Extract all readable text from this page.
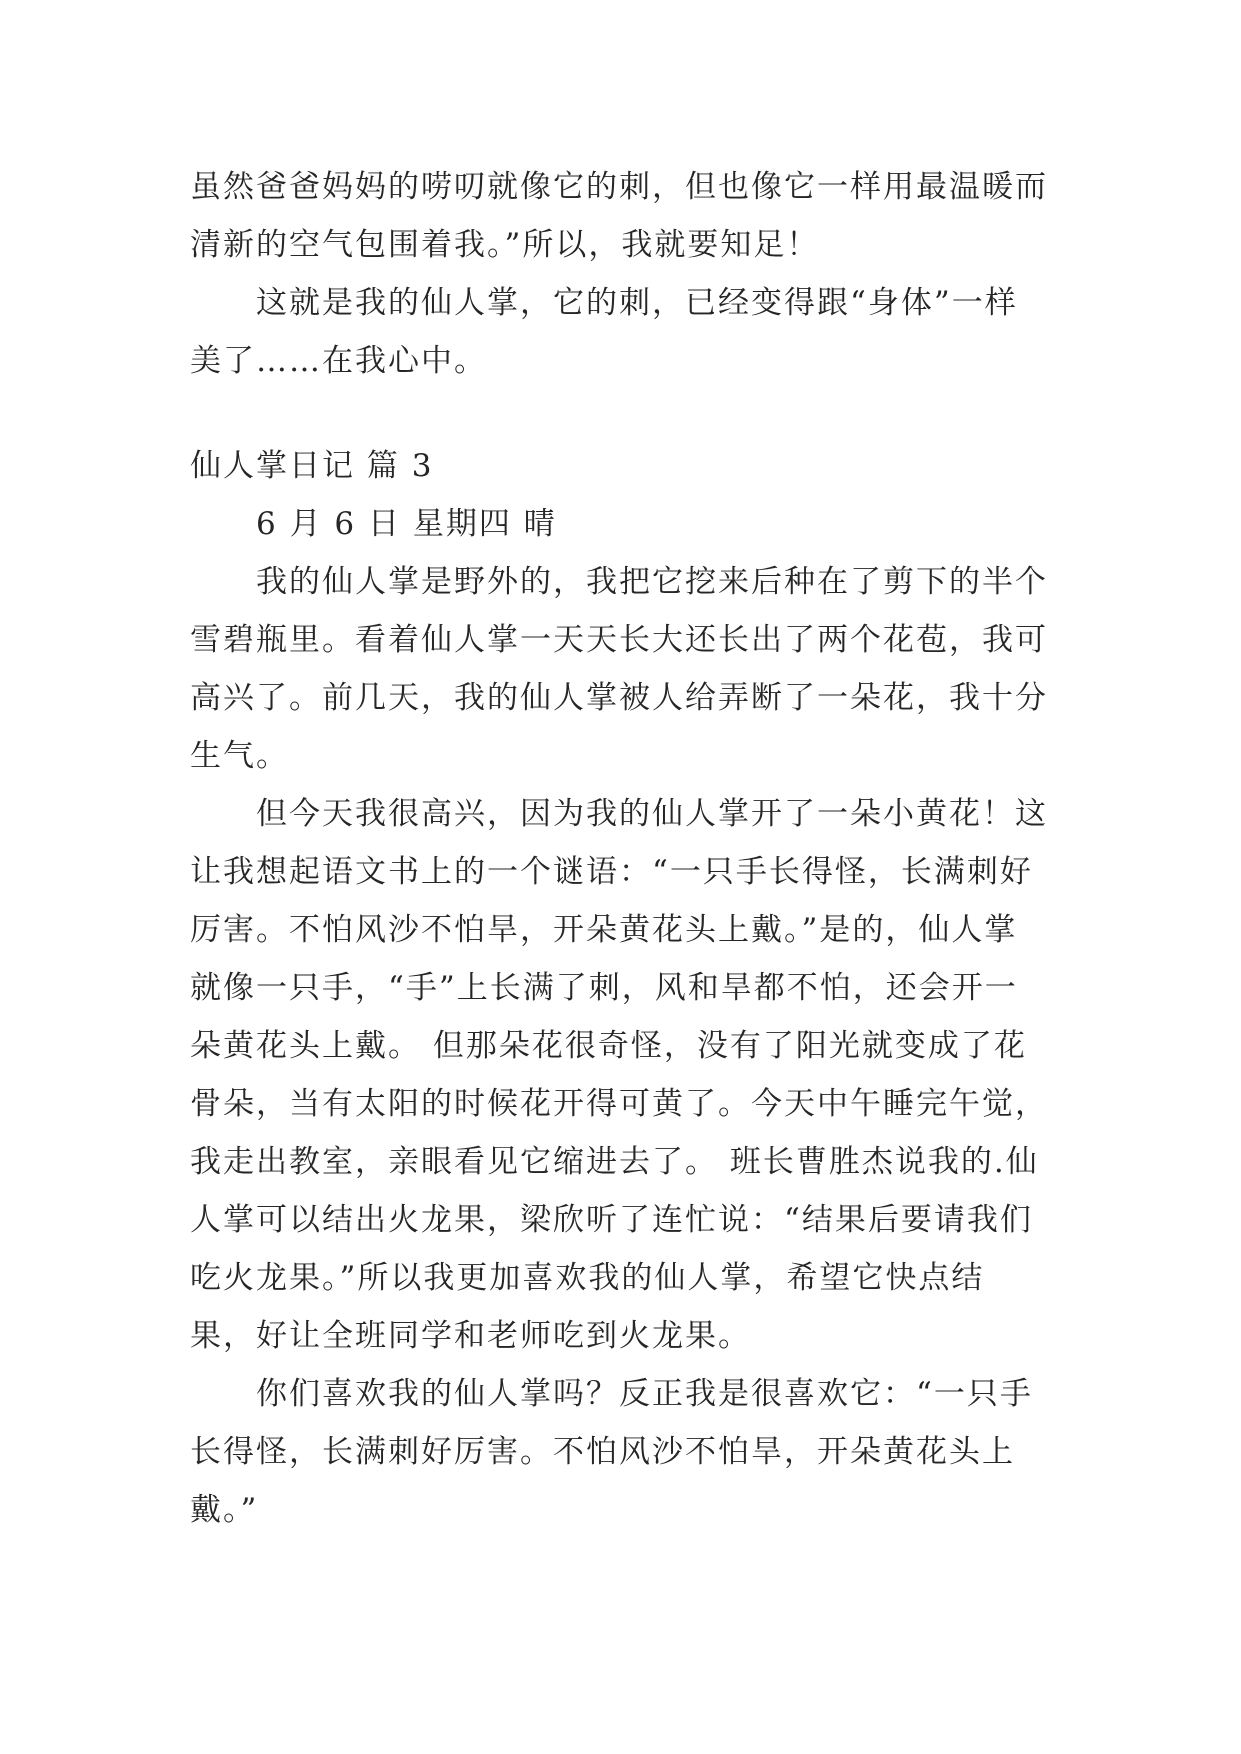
虽然爸爸妈妈的唠叨就像它的刺，但也像它一样用最温暖而清新的空气包围着我。”所以，我就要知足！

这就是我的仙人掌，它的刺，已经变得跟“身体”一样美了……在我心中。

仙人掌日记 篇 3

6 月 6 日 星期四 晴

我的仙人掌是野外的，我把它挖来后种在了剪下的半个雪碧瓶里。看着仙人掌一天天长大还长出了两个花苞，我可高兴了。前几天，我的仙人掌被人给弄断了一朵花，我十分生气。

但今天我很高兴，因为我的仙人掌开了一朵小黄花！这让我想起语文书上的一个谜语：“一只手长得怪，长满刺好厉害。不怕风沙不怕旱，开朵黄花头上戴。”是的，仙人掌就像一只手，“手”上长满了刺，风和旱都不怕，还会开一朵黄花头上戴。 但那朵花很奇怪，没有了阳光就变成了花骨朵，当有太阳的时候花开得可黄了。今天中午睡完午觉，我走出教室，亲眼看见它缩进去了。 班长曹胜杰说我的.仙人掌可以结出火龙果，梁欣听了连忙说：“结果后要请我们吃火龙果。”所以我更加喜欢我的仙人掌，希望它快点结果，好让全班同学和老师吃到火龙果。

你们喜欢我的仙人掌吗？反正我是很喜欢它：“一只手长得怪，长满刺好厉害。不怕风沙不怕旱，开朵黄花头上戴。”
